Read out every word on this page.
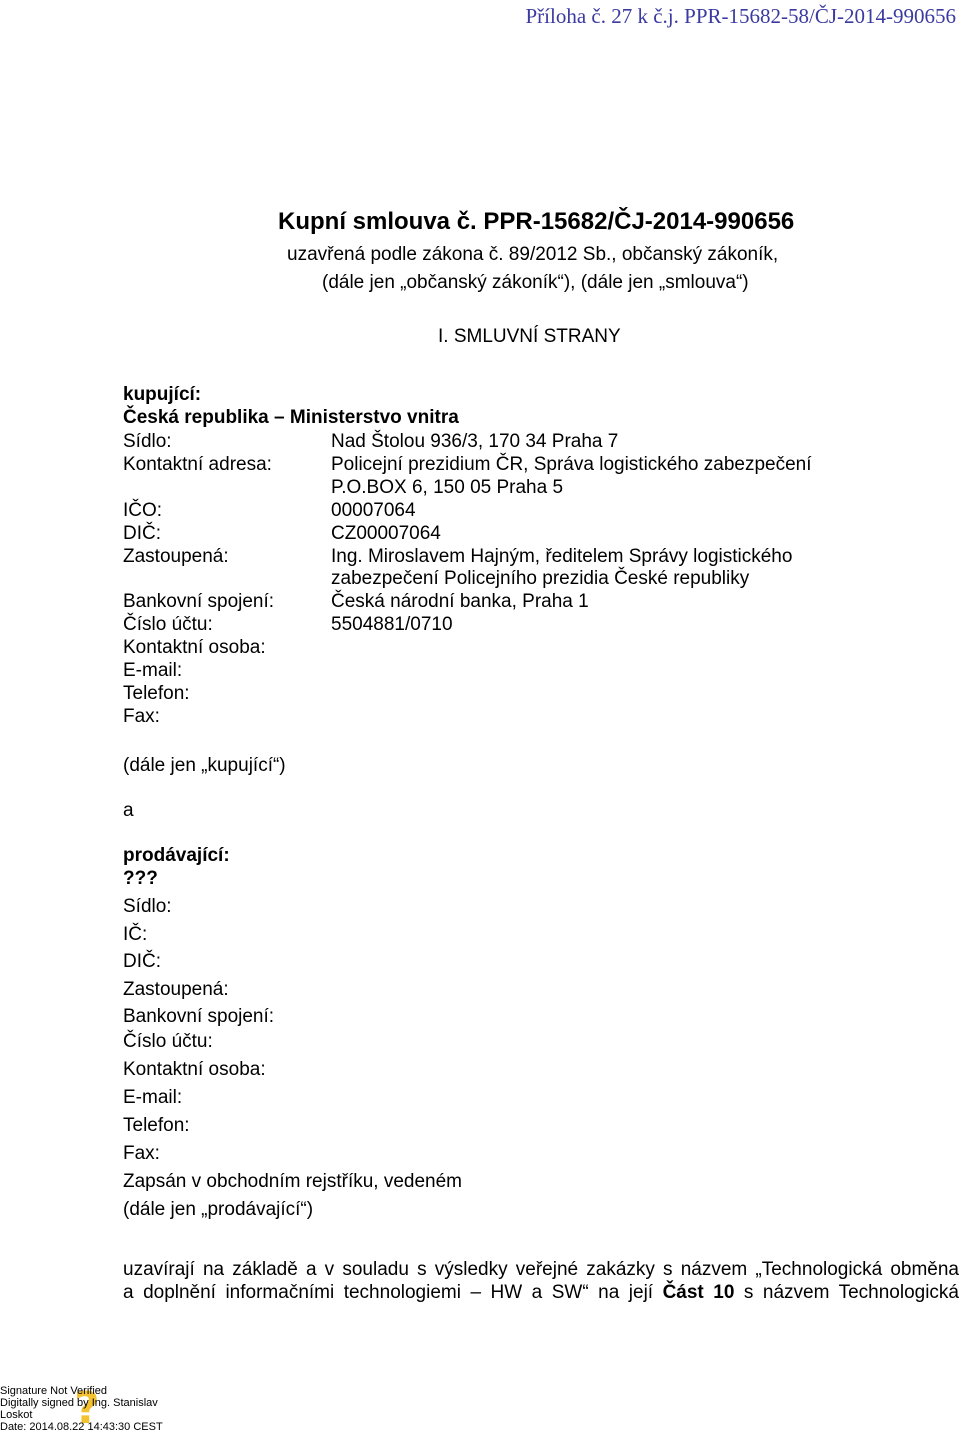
Příloha č. 27 k č.j. PPR-15682-58/ČJ-2014-990656
Kupní smlouva č. PPR-15682/ČJ-2014-990656
uzavřená podle zákona č. 89/2012 Sb., občanský zákoník,
(dále jen „občanský zákoník“), (dále jen „smlouva“)
I. SMLUVNÍ STRANY
kupující:
Česká republika – Ministerstvo vnitra
Sídlo:	Nad Štolou 936/3, 170 34 Praha 7
Kontaktní adresa:	Policejní prezidium ČR, Správa logistického zabezpečení
P.O.BOX 6, 150 05 Praha 5
IČO:	00007064
DIČ:	CZ00007064
Zastoupená:	Ing. Miroslavem Hajným, ředitelem Správy logistického
zabezpečení Policejního prezidia České republiky
Bankovní spojení:	Česká národní banka, Praha 1
Číslo účtu:	5504881/0710
Kontaktní osoba:
E-mail:
Telefon:
Fax:
(dále jen „kupující“)
a
prodávající:
???
Sídlo:
IČ:
DIČ:
Zastoupená:
Bankovní spojení:
Číslo účtu:
Kontaktní osoba:
E-mail:
Telefon:
Fax:
Zapsán v obchodním rejstříku, vedeném
(dále jen „prodávající“)
uzavírají na základě a v souladu s výsledky veřejné zakázky s názvem „Technologická obměna
a doplnění informačními technologiemi – HW a SW“ na její Část 10 s názvem Technologická
?
Signature Not Verified
Digitally signed by Ing. Stanislav
Loskot
Date: 2014.08.22 14:43:30 CEST
